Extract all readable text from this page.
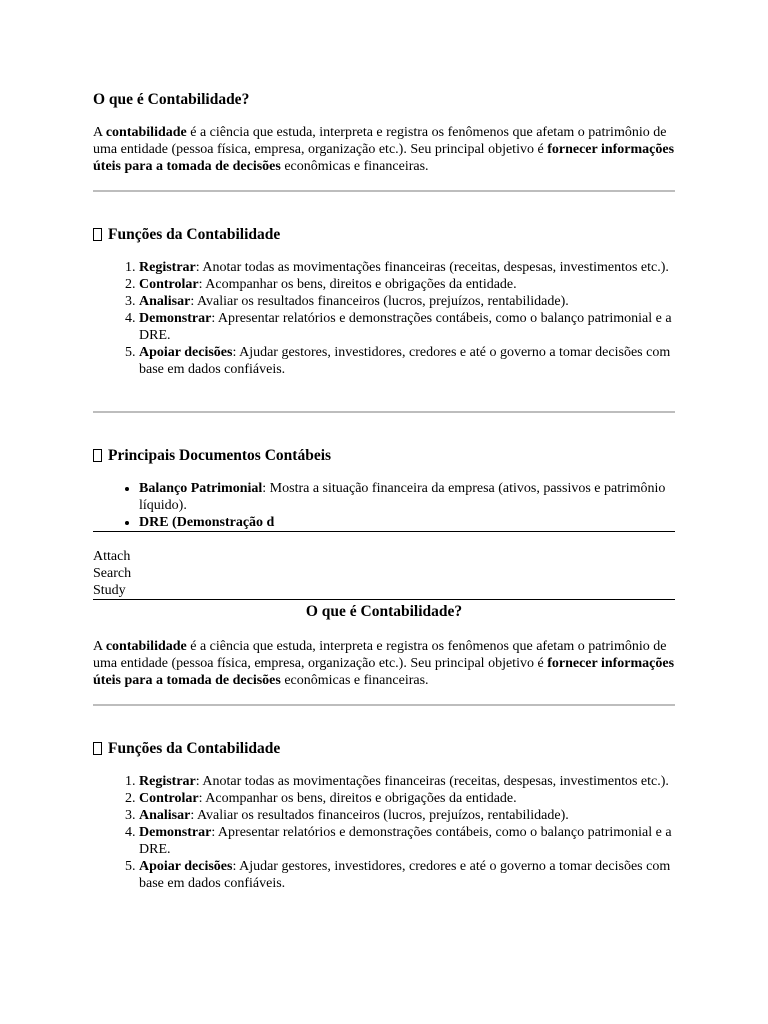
O que é Contabilidade?

A contabilidade é a ciência que estuda, interpreta e registra os fenômenos que afetam o patrimônio de uma entidade (pessoa física, empresa, organização etc.). Seu principal objetivo é fornecer informações úteis para a tomada de decisões econômicas e financeiras.

Funções da Contabilidade
1. Registrar: Anotar todas as movimentações financeiras (receitas, despesas, investimentos etc.).
2. Controlar: Acompanhar os bens, direitos e obrigações da entidade.
3. Analisar: Avaliar os resultados financeiros (lucros, prejuízos, rentabilidade).
4. Demonstrar: Apresentar relatórios e demonstrações contábeis, como o balanço patrimonial e a DRE.
5. Apoiar decisões: Ajudar gestores, investidores, credores e até o governo a tomar decisões com base em dados confiáveis.
Principais Documentos Contábeis
• Balanço Patrimonial: Mostra a situação financeira da empresa (ativos, passivos e patrimônio líquido).
• DRE (Demonstração d
Attach
Search
Study
O que é Contabilidade?

A contabilidade é a ciência que estuda, interpreta e registra os fenômenos que afetam o patrimônio de uma entidade (pessoa física, empresa, organização etc.). Seu principal objetivo é fornecer informações úteis para a tomada de decisões econômicas e financeiras.

Funções da Contabilidade
1. Registrar: Anotar todas as movimentações financeiras (receitas, despesas, investimentos etc.).
2. Controlar: Acompanhar os bens, direitos e obrigações da entidade.
3. Analisar: Avaliar os resultados financeiros (lucros, prejuízos, rentabilidade).
4. Demonstrar: Apresentar relatórios e demonstrações contábeis, como o balanço patrimonial e a DRE.
5. Apoiar decisões: Ajudar gestores, investidores, credores e até o governo a tomar decisões com base em dados confiáveis.
